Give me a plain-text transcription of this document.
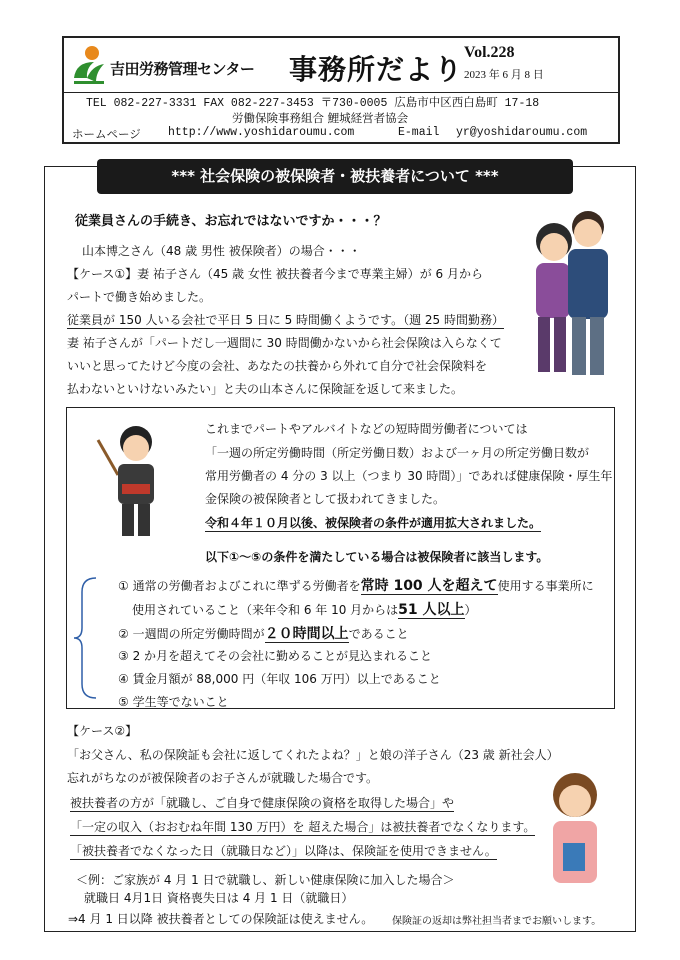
吉田労務管理センター 事務所だより
Vol.228
2023 年 6 月 8 日
TEL 082-227-3331 FAX 082-227-3453 〒730-0005 広島市中区西白島町 17-18
労働保険事務組合 鯉城経営者協会
ホームページ http://www.yoshidaroumu.com	E-mail yr@yoshidaroumu.com
*** 社会保険の被保険者・被扶養者について ***
従業員さんの手続き、お忘れではないですか・・・？
山本博之さん（48 歳 男性 被保険者）の場合・・・
【ケース①】妻 祐子さん（45 歳 女性 被扶養者今まで専業主婦）が 6 月から
パートで働き始めました。
従業員が 150 人いる会社で平日 5 日に 5 時間働くようです。（週 25 時間勤務）
妻 祐子さんが「パートだし一週間に 30 時間働かないから社会保険は入らなくて
いいと思ってたけど今度の会社、あなたの扶養から外れて自分で社会保険料を
払わないといけないみたい」と夫の山本さんに保険証を返して来ました。
これまでパートやアルバイトなどの短時間労働者については
「一週の所定労働時間（所定労働日数）および一ヶ月の所定労働日数が
常用労働者の 4 分の 3 以上（つまり 30 時間）」であれば健康保険・厚生年
金保険の被保険者として扱われてきました。
令和４年１０月以後、被保険者の条件が適用拡大されました。
以下①～⑤の条件を満たしている場合は被保険者に該当します。
① 通常の労働者およびこれに準ずる労働者を常時 100 人を超えて使用する事業所に
使用されていること（来年令和 6 年 10 月からは51 人以上）
② 一週間の所定労働時間が２０時間以上であること
③ 2 か月を超えてその会社に勤めることが見込まれること
④ 賃金月額が 88,000 円（年収 106 万円）以上であること
⑤ 学生等でないこと
【ケース②】
「お父さん、私の保険証も会社に返してくれたよね？」と娘の洋子さん（23 歳 新社会人）
忘れがちなのが被保険者のお子さんが就職した場合です。
被扶養者の方が「就職し、ご自身で健康保険の資格を取得した場合」や
「一定の収入（おおむね年間 130 万円）を 超えた場合」は被扶養者でなくなります。
「被扶養者でなくなった日（就職日など）」以降は、保険証を使用できません。
＜例：ご家族が 4 月 1 日で就職し、新しい健康保険に加入した場合＞
就職日 4月1日 資格喪失日は 4 月 1 日（就職日）
⇒4 月 1 日以降 被扶養者としての保険証は使えません。 保険証の返却は弊社担当者までお願いします。
